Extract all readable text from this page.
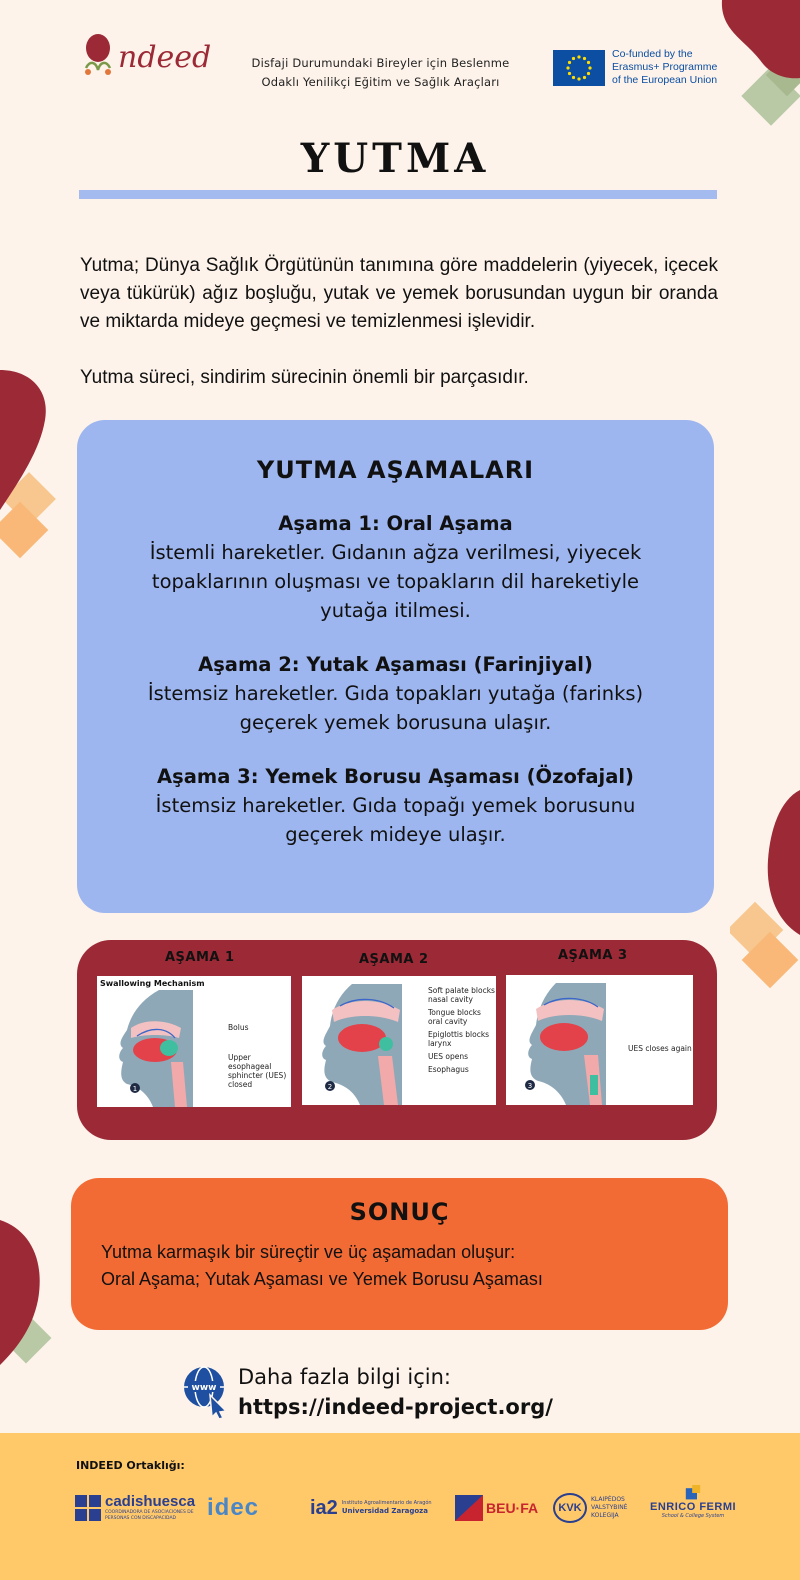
ndeed	Disfaji Durumundaki Bireyler için Beslenme
Odaklı Yenilikçi Eğitim ve Sağlık Araçları
Co-funded by the
Erasmus+ Programme
of the European Union
YUTMA

Yutma; Dünya Sağlık Örgütünün tanımına göre maddelerin (yiyecek, içecek veya tükürük) ağız boşluğu, yutak ve yemek borusundan uygun bir oranda ve miktarda mideye geçmesi ve temizlenmesi işlevidir.

Yutma süreci, sindirim sürecinin önemli bir parçasıdır.

YUTMA AŞAMALARI
Aşama 1: Oral Aşama
İstemli hareketler. Gıdanın ağza verilmesi, yiyecek topaklarının oluşması ve topakların dil hareketiyle yutağa itilmesi.
Aşama 2: Yutak Aşaması (Farinjiyal)
İstemsiz hareketler. Gıda topakları yutağa (farinks) geçerek yemek borusuna ulaşır.
Aşama 3: Yemek Borusu Aşaması (Özofajal)
İstemsiz hareketler. Gıda topağı yemek borusunu geçerek mideye ulaşır.
AŞAMA 1	AŞAMA 2	AŞAMA 3
Swallowing Mechanism
1
Bolus
Upper esophageal
sphincter (UES)
closed	2
Soft palate blocks
nasal cavity
Tongue blocks
oral cavity
Epiglottis blocks
larynx
UES opens
Esophagus
3
UES closes again
SONUÇ
Yutma karmaşık bir süreçtir ve üç aşamadan oluşur:
Oral Aşama; Yutak Aşaması ve Yemek Borusu Aşaması
www Daha fazla bilgi için:
https://indeed-project.org/
INDEED Ortaklığı:
cadishuesca
COORDINADORA DE ASOCIACIONES DE PERSONAS CON DISCAPACIDAD	idec	ia2 Instituto Agroalimentario de Aragón
Universidad Zaragoza	BEU·FA	KVK
KLAIPĖDOS
VALSTYBINĖ
KOLEGIJA
ENRICO FERMI
School & College System
